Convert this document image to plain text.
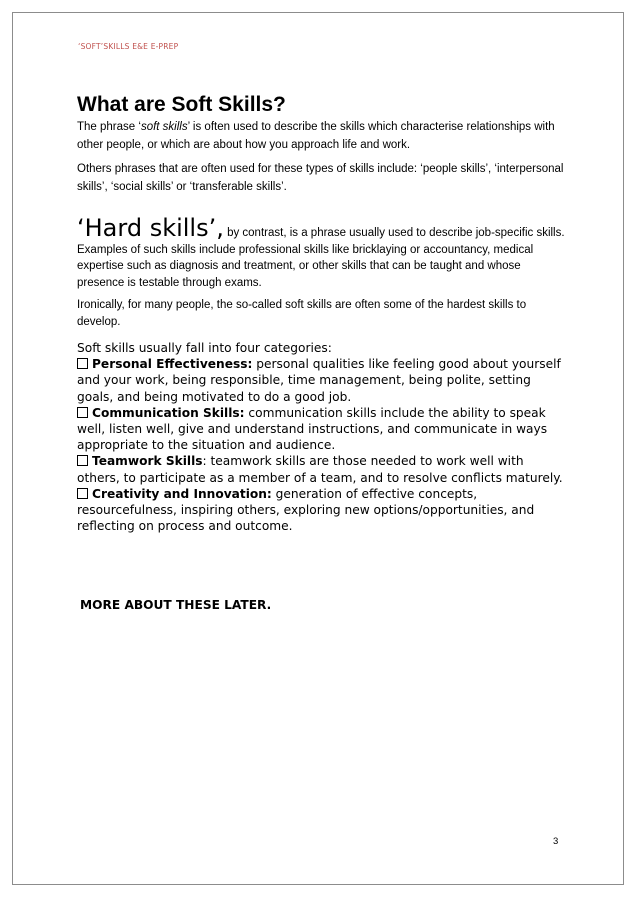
‘SOFT’SKILLS E&E E-PREP
What are Soft Skills?

The phrase ‘soft skills’ is often used to describe the skills which characterise relationships with other people, or which are about how you approach life and work.

Others phrases that are often used for these types of skills include: ‘people skills’, ‘interpersonal skills’, ‘social skills’ or ‘transferable skills’.

‘Hard skills’, by contrast, is a phrase usually used to describe job-specific skills. Examples of such skills include professional skills like bricklaying or accountancy, medical expertise such as diagnosis and treatment, or other skills that can be taught and whose presence is testable through exams.

Ironically, for many people, the so-called soft skills are often some of the hardest skills to develop.

Soft skills usually fall into four categories:

Personal Effectiveness: personal qualities like feeling good about yourself and your work, being responsible, time management, being polite, setting goals, and being motivated to do a good job.

Communication Skills: communication skills include the ability to speak well, listen well, give and understand instructions, and communicate in ways appropriate to the situation and audience.

Teamwork Skills: teamwork skills are those needed to work well with others, to participate as a member of a team, and to resolve conflicts maturely.

Creativity and Innovation: generation of effective concepts, resourcefulness, inspiring others, exploring new options/opportunities, and reflecting on process and outcome.

MORE ABOUT THESE LATER.
3
